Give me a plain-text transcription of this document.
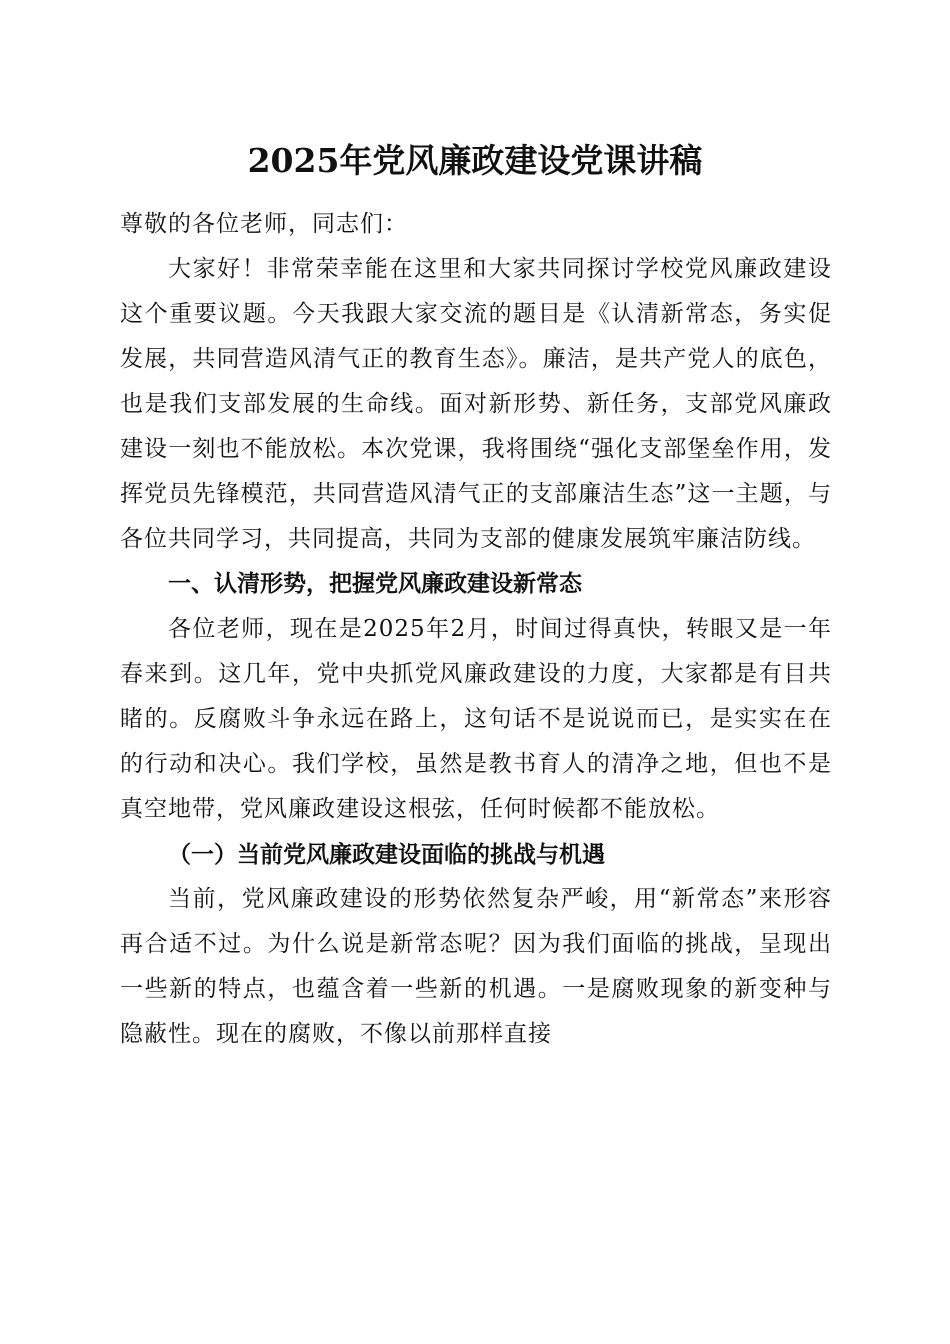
2025年党风廉政建设党课讲稿

尊敬的各位老师，同志们：

大家好！非常荣幸能在这里和大家共同探讨学校党风廉政建设这个重要议题。今天我跟大家交流的题目是《认清新常态，务实促发展，共同营造风清气正的教育生态》。廉洁，是共产党人的底色，也是我们支部发展的生命线。面对新形势、新任务，支部党风廉政建设一刻也不能放松。本次党课，我将围绕“强化支部堡垒作用，发挥党员先锋模范，共同营造风清气正的支部廉洁生态”这一主题，与各位共同学习，共同提高，共同为支部的健康发展筑牢廉洁防线。

一、认清形势，把握党风廉政建设新常态

各位老师，现在是2025年2月，时间过得真快，转眼又是一年春来到。这几年，党中央抓党风廉政建设的力度，大家都是有目共睹的。反腐败斗争永远在路上，这句话不是说说而已，是实实在在的行动和决心。我们学校，虽然是教书育人的清净之地，但也不是真空地带，党风廉政建设这根弦，任何时候都不能放松。

（一）当前党风廉政建设面临的挑战与机遇

当前，党风廉政建设的形势依然复杂严峻，用“新常态”来形容再合适不过。为什么说是新常态呢？因为我们面临的挑战，呈现出一些新的特点，也蕴含着一些新的机遇。一是腐败现象的新变种与隐蔽性。现在的腐败，不像以前那样直接
